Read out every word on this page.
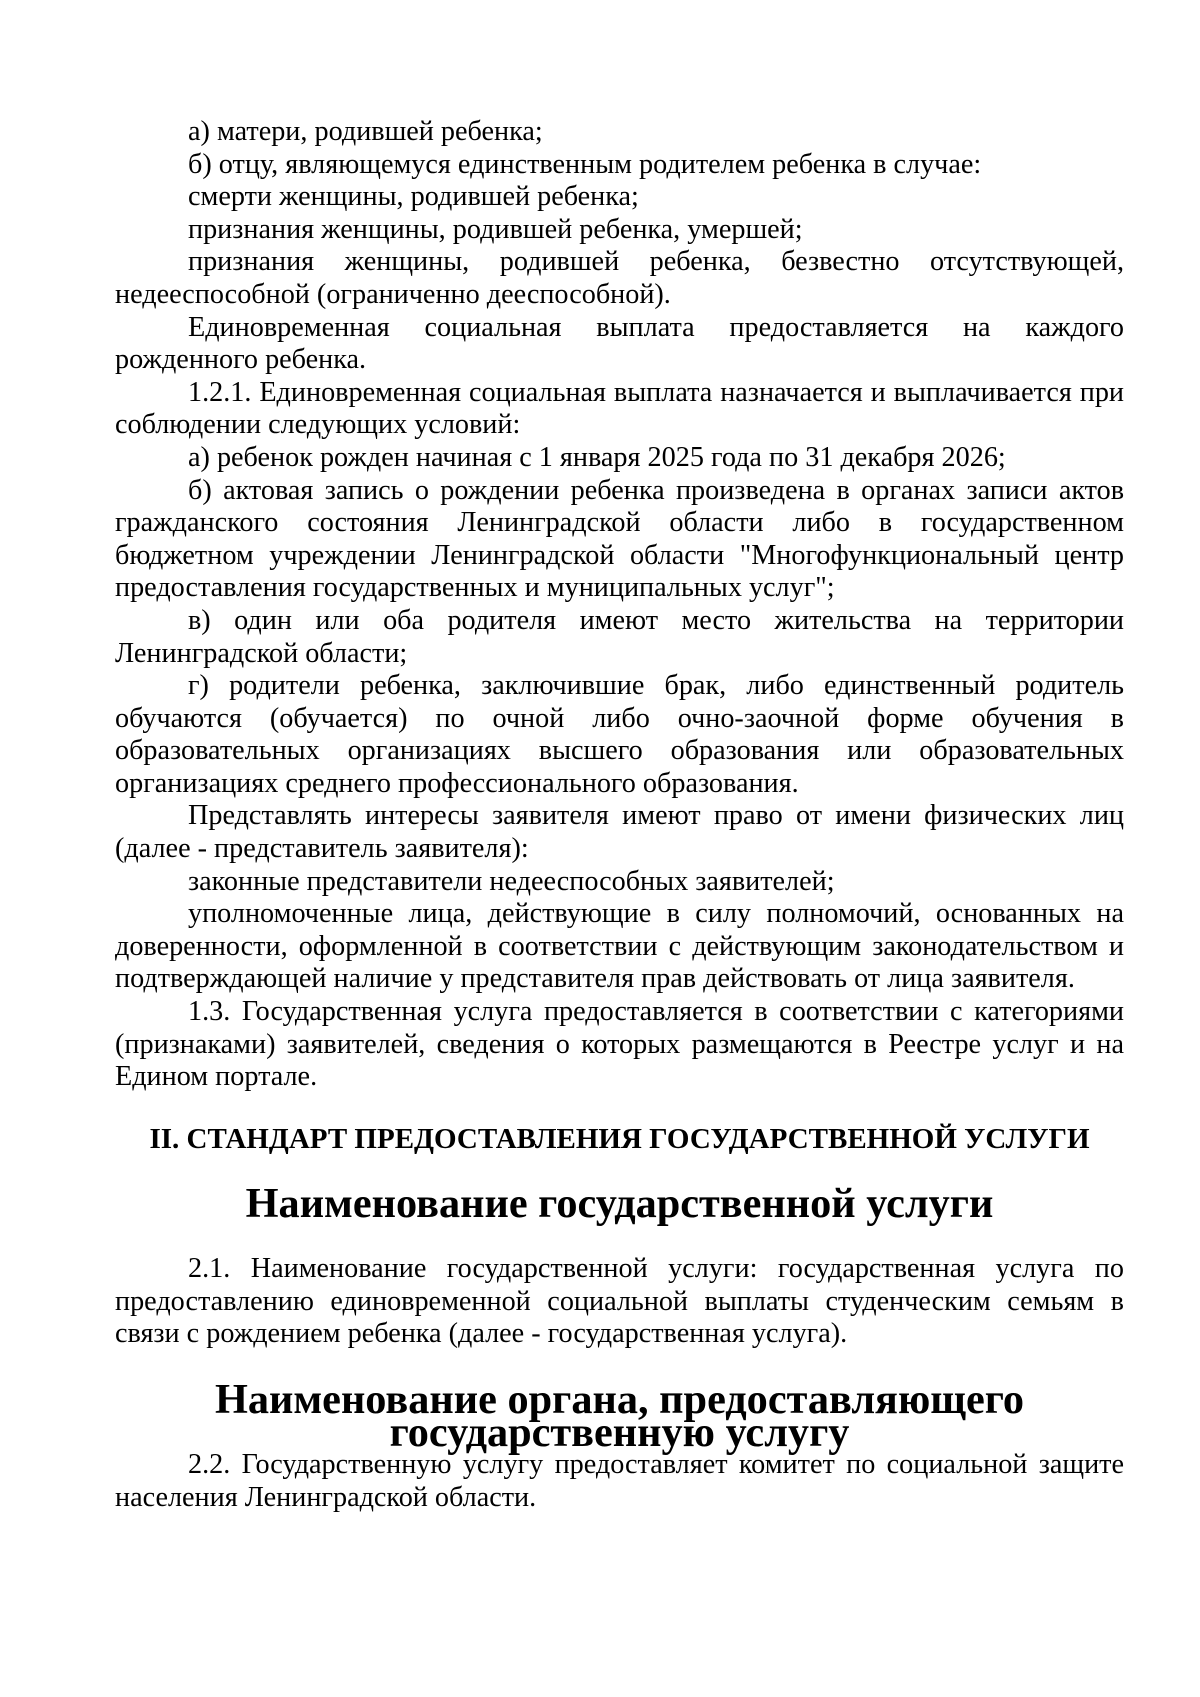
а) матери, родившей ребенка;

б) отцу, являющемуся единственным родителем ребенка в случае:

смерти женщины, родившей ребенка;

признания женщины, родившей ребенка, умершей;

признания женщины, родившей ребенка, безвестно отсутствующей, недееспособной (ограниченно дееспособной).

Единовременная социальная выплата предоставляется на каждого рожденного ребенка.

1.2.1. Единовременная социальная выплата назначается и выплачивается при соблюдении следующих условий:

а) ребенок рожден начиная с 1 января 2025 года по 31 декабря 2026;

б) актовая запись о рождении ребенка произведена в органах записи актов гражданского состояния Ленинградской области либо в государственном бюджетном учреждении Ленинградской области "Многофункциональный центр предоставления государственных и муниципальных услуг";

в) один или оба родителя имеют место жительства на территории Ленинградской области;

г) родители ребенка, заключившие брак, либо единственный родитель обучаются (обучается) по очной либо очно-заочной форме обучения в образовательных организациях высшего образования или образовательных организациях среднего профессионального образования.

Представлять интересы заявителя имеют право от имени физических лиц (далее - представитель заявителя):

законные представители недееспособных заявителей;

уполномоченные лица, действующие в силу полномочий, основанных на доверенности, оформленной в соответствии с действующим законодательством и подтверждающей наличие у представителя прав действовать от лица заявителя.

1.3. Государственная услуга предоставляется в соответствии с категориями (признаками) заявителей, сведения о которых размещаются в Реестре услуг и на Едином портале.

II. СТАНДАРТ ПРЕДОСТАВЛЕНИЯ ГОСУДАРСТВЕННОЙ УСЛУГИ
Наименование государственной услуги

2.1. Наименование государственной услуги: государственная услуга по предоставлению единовременной социальной выплаты студенческим семьям в связи с рождением ребенка (далее - государственная услуга).

Наименование органа, предоставляющего государственную услугу

2.2. Государственную услугу предоставляет комитет по социальной защите населения Ленинградской области.
